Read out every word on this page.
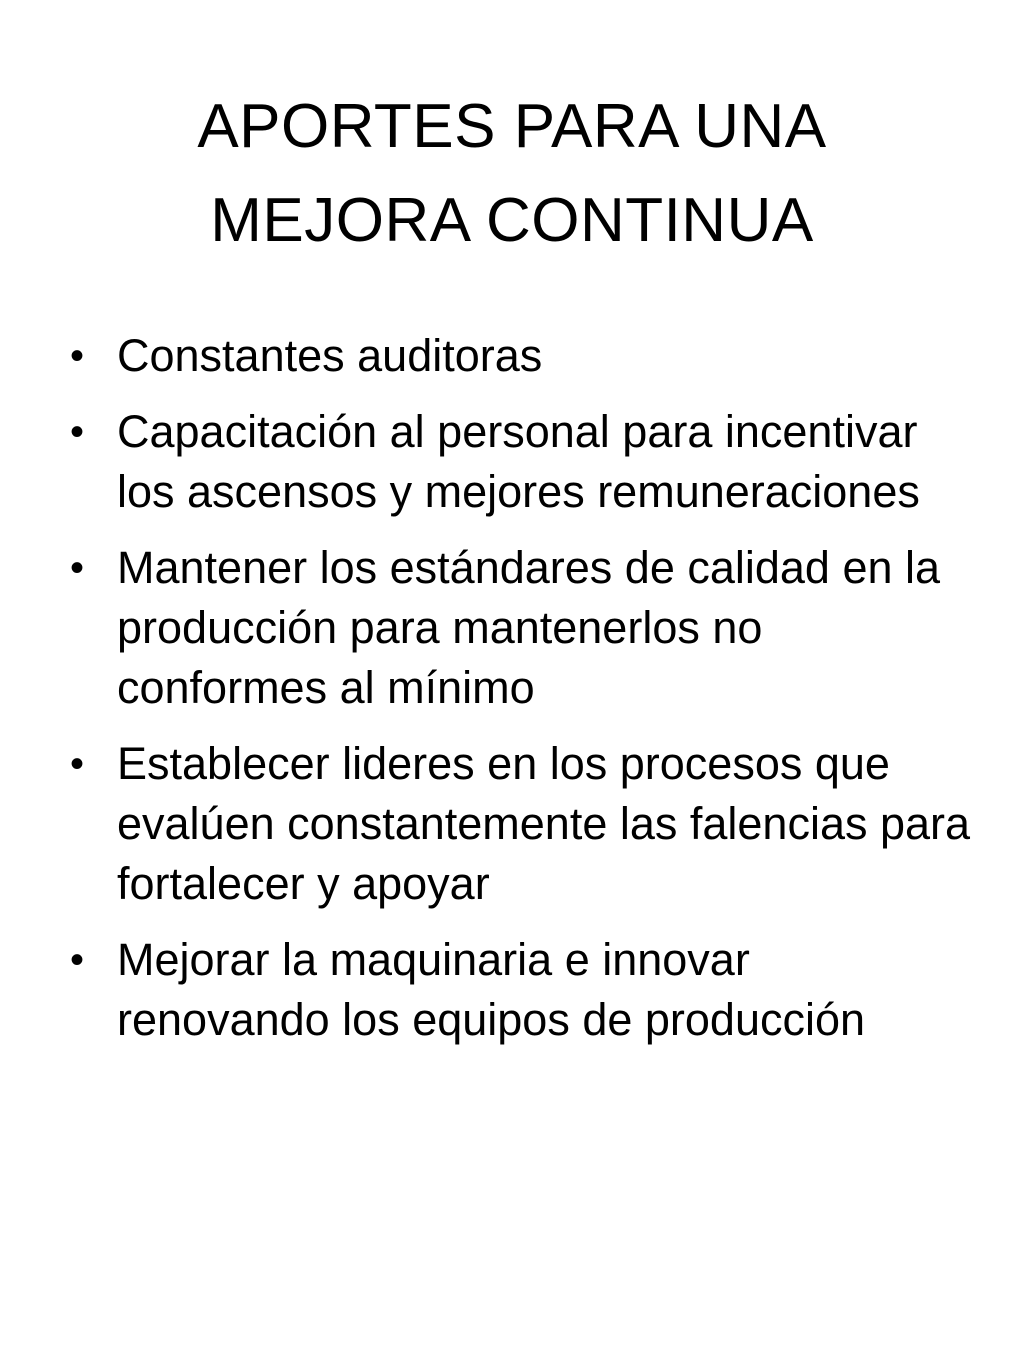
APORTES PARA UNA
MEJORA CONTINUA
• Constantes auditoras
• Capacitación al personal para incentivar los ascensos y mejores remuneraciones
• Mantener los estándares de calidad en la producción para mantenerlos no conformes al mínimo
• Establecer lideres en los procesos que evalúen constantemente las falencias para fortalecer y apoyar
• Mejorar la maquinaria e innovar renovando los equipos de producción
